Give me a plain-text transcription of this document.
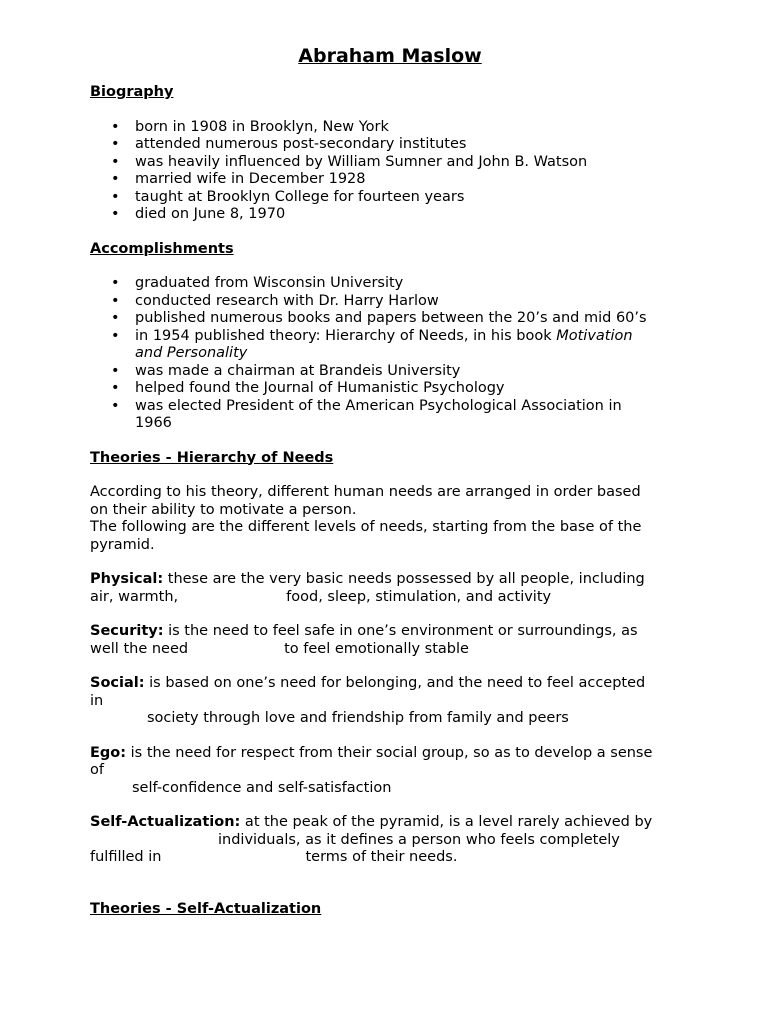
Abraham Maslow
Biography
• born in 1908 in Brooklyn, New York
• attended numerous post-secondary institutes
• was heavily influenced by William Sumner and John B. Watson
• married wife in December 1928
• taught at Brooklyn College for fourteen years
• died on June 8, 1970
Accomplishments
• graduated from Wisconsin University
• conducted research with Dr. Harry Harlow
• published numerous books and papers between the 20’s and mid 60’s
• in 1954 published theory: Hierarchy of Needs, in his book Motivation
and Personality
• was made a chairman at Brandeis University
• helped found the Journal of Humanistic Psychology
• was elected President of the American Psychological Association in
1966
Theories - Hierarchy of Needs
According to his theory, different human needs are arranged in order based
on their ability to motivate a person.
The following are the different levels of needs, starting from the base of the
pyramid.
Physical: these are the very basic needs possessed by all people, including
air, warmth,	food, sleep, stimulation, and activity
Security: is the need to feel safe in one’s environment or surroundings, as
well the need	to feel emotionally stable
Social: is based on one’s need for belonging, and the need to feel accepted
in
society through love and friendship from family and peers
Ego: is the need for respect from their social group, so as to develop a sense
of
self-confidence and self-satisfaction
Self-Actualization: at the peak of the pyramid, is a level rarely achieved by
individuals, as it defines a person who feels completely
fulfilled in	terms of their needs.
Theories - Self-Actualization
